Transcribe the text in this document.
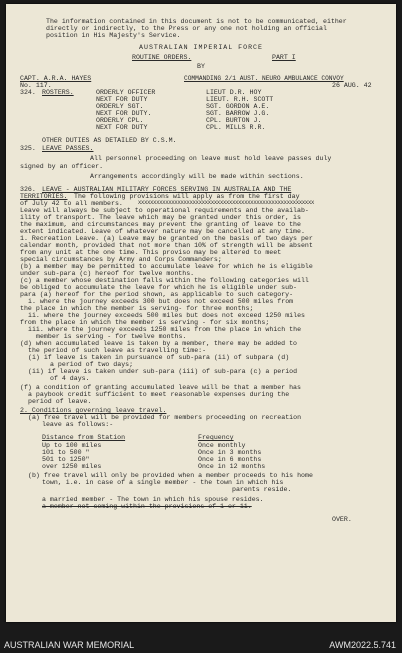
The information contained in this document is not to be communicated, either
directly or indirectly, to the Press or any one not holding an official
position in His Majesty's Service.
AUSTRALIAN IMPERIAL FORCE
ROUTINE ORDERS.	PART I
BY
CAPT. A.R.A. HAYES	COMMANDING 2/1 AUST. NEURO AMBULANCE CONVOY
No. 117.	26 AUG. 42
324. ROSTERS.	ORDERLY OFFICER	LIEUT D.R. HOY
NEXT FOR DUTY	LIEUT. R.H. SCOTT
ORDERLY SGT.	SGT. GORDON A.E.
NEXT FOR DUTY.	SGT. BARROW J.G.
ORDERLY CPL.	CPL. BURTON J.
NEXT FOR DUTY	CPL. MILLS R.R.
OTHER DUTIES AS DETAILED BY C.S.M.
325. LEAVE PASSES.
All personnel proceeding on leave must hold leave passes duly
signed by an officer.
Arrangements accordingly will be made within sections.
326. LEAVE - AUSTRALIAN MILITARY FORCES SERVING IN AUSTRALIA AND THE
TERRITORIES. The following provisions will apply as from the first day
of July 42 to all members.	XXXXXXXXXXXXXXXXXXXXXXXXXXXXXXXXXXXXXXXXXXXXXXXXXXXXXXXXXX
Leave will always be subject to operational requirements and the availab-
ility of transport. The leave which may be granted under this order, is
the maximum, and circumstances may prevent the granting of leave to the
extent indicated. Leave of whatever nature may be cancelled at any time.
1. Recreation Leave. (a) Leave may be granted on the basis of two days per
calendar month, provided that not more than 10% of strength will be absent
from any unit at the one time. This proviso may be altered to meet
special circumstances by Army and Corps Commanders;
(b) a member may be permitted to accumulate leave for which he is eligible
under sub-para (c) hereof for twelve months.
(c) a member whose destination falls within the following categories will
be obliged to accumulate the leave for which he is eligible under sub-
para (a) hereof for the period shown, as applicable to such category-
i. where the journey exceeds 300 but does not exceed 500 miles from
the place in which the member is serving- for three months;
ii. where the journey exceeds 500 miles but does not exceed 1250 miles
from the place in which the member is serving - for six months;
iii. where the journey exceeds 1250 miles from the place in which the
member is serving - for twelve months.
(d) when accumulated leave is taken by a member, there may be added to
the period of such leave as travelling time:-
(i) if leave is taken in pursuance of sub-para (ii) of subpara (d)
a period of two days;
(ii) if leave is taken under sub-para (iii) of sub-para (c) a period
of 4 days.
(f) a condition of granting accumulated leave will be that a member has
a paybook credit sufficient to meet reasonable expenses during the
period of leave.
2. Conditions governing leave travel.
(a) free travel will be provided for members proceeding on recreation
leave as follows:-
Distance from Station	Frequency
Up to 100 miles	Once monthly
101 to 500 "	Once in 3 months
501 to 1250"	Once in 6 months
over 1250 miles	Once in 12 months
(b) free travel will only be provided when a member proceeds to his home
town, i.e. in case of a single member - the town in which his
parents reside.
a married member - The town in which his spouse resides.
a member not coming within the provisions of 1 or 11.
OVER.
AUSTRALIAN WAR MEMORIAL	AWM2022.5.741
